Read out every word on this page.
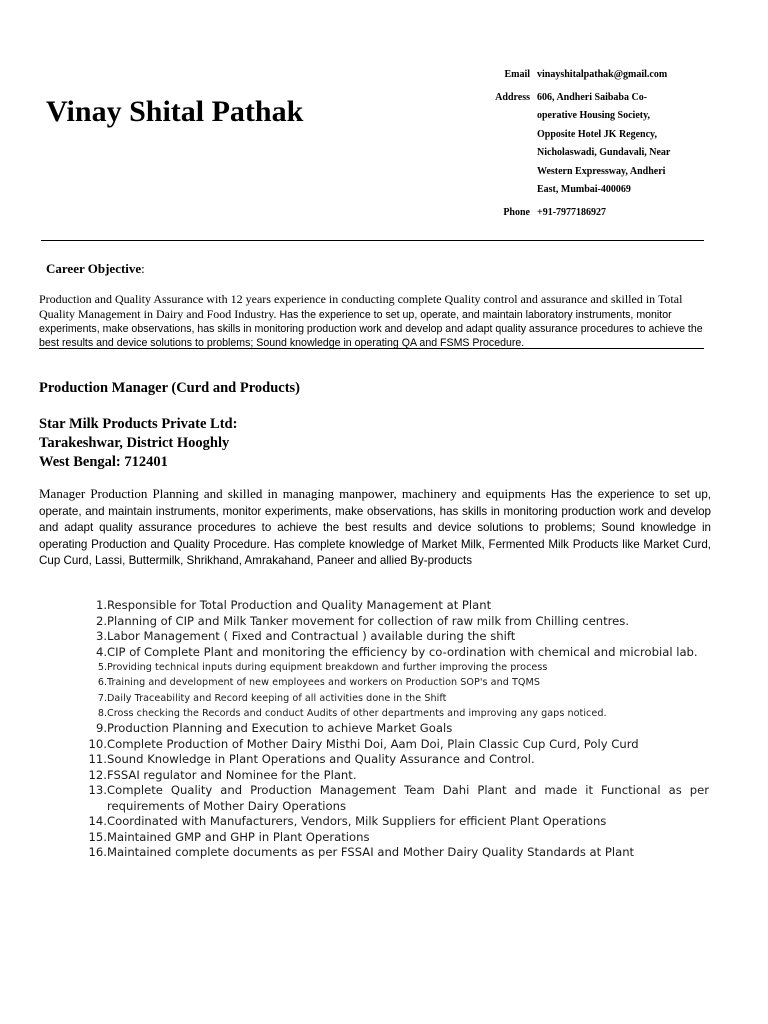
Vinay Shital Pathak
Email vinayshitalpathak@gmail.com
Address 606, Andheri Saibaba Co-
operative Housing Society,
Opposite Hotel JK Regency,
Nicholaswadi, Gundavali, Near
Western Expressway, Andheri
East, Mumbai-400069
Phone +91-7977186927
Career Objective:
Production and Quality Assurance with 12 years experience in conducting complete Quality control and assurance and skilled in Total Quality Management in Dairy and Food Industry. Has the experience to set up, operate, and maintain laboratory instruments, monitor experiments, make observations, has skills in monitoring production work and develop and adapt quality assurance procedures to achieve the best results and device solutions to problems; Sound knowledge in operating QA and FSMS Procedure.
Production Manager (Curd and Products)
Star Milk Products Private Ltd:
Tarakeshwar, District Hooghly
West Bengal: 712401
Manager Production Planning and skilled in managing manpower, machinery and equipments Has the experience to set up, operate, and maintain instruments, monitor experiments, make observations, has skills in monitoring production work and develop and adapt quality assurance procedures to achieve the best results and device solutions to problems; Sound knowledge in operating Production and Quality Procedure. Has complete knowledge of Market Milk, Fermented Milk Products like Market Curd, Cup Curd, Lassi, Buttermilk, Shrikhand, Amrakahand, Paneer and allied By-products
1. Responsible for Total Production and Quality Management at Plant
2. Planning of CIP and Milk Tanker movement for collection of raw milk from Chilling centres.
3. Labor Management ( Fixed and Contractual ) available during the shift
4. CIP of Complete Plant and monitoring the efficiency by co-ordination with chemical and microbial lab.
5. Providing technical inputs during equipment breakdown and further improving the process
6. Training and development of new employees and workers on Production SOP's and TQMS
7. Daily Traceability and Record keeping of all activities done in the Shift
8. Cross checking the Records and conduct Audits of other departments and improving any gaps noticed.
9. Production Planning and Execution to achieve Market Goals
10. Complete Production of Mother Dairy Misthi Doi, Aam Doi, Plain Classic Cup Curd, Poly Curd
11. Sound Knowledge in Plant Operations and Quality Assurance and Control.
12. FSSAI regulator and Nominee for the Plant.
13. Complete Quality and Production Management Team Dahi Plant and made it Functional as per requirements of Mother Dairy Operations
14. Coordinated with Manufacturers, Vendors, Milk Suppliers for efficient Plant Operations
15. Maintained GMP and GHP in Plant Operations
16. Maintained complete documents as per FSSAI and Mother Dairy Quality Standards at Plant
